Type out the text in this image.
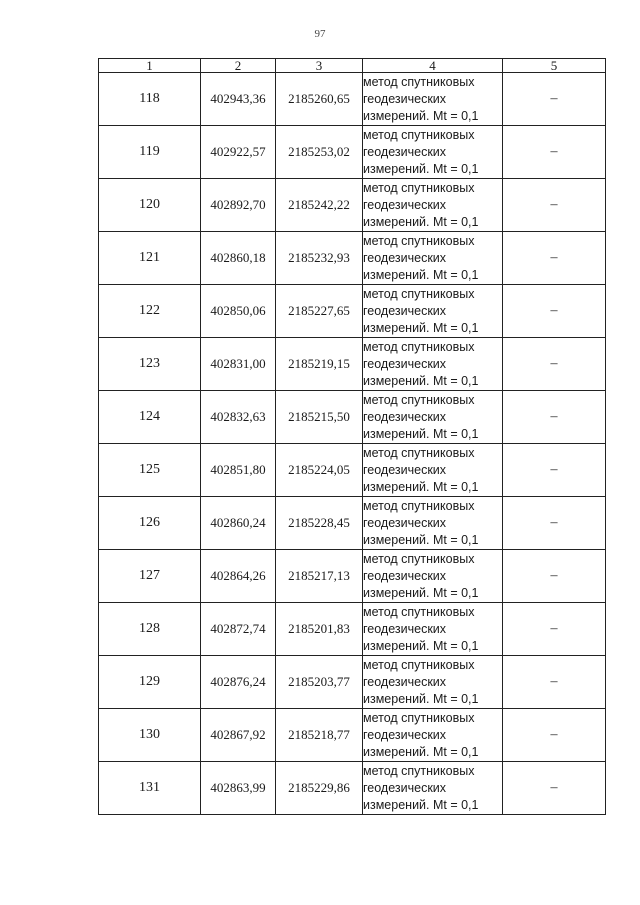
97
1	2	3	4	5
118	402943,36	2185260,65	метод спутниковых
геодезических
измерений. Mt = 0,1	–
119	402922,57	2185253,02	метод спутниковых
геодезических
измерений. Mt = 0,1	–
120	402892,70	2185242,22	метод спутниковых
геодезических
измерений. Mt = 0,1	–
121	402860,18	2185232,93	метод спутниковых
геодезических
измерений. Mt = 0,1	–
122	402850,06	2185227,65	метод спутниковых
геодезических
измерений. Mt = 0,1	–
123	402831,00	2185219,15	метод спутниковых
геодезических
измерений. Mt = 0,1	–
124	402832,63	2185215,50	метод спутниковых
геодезических
измерений. Mt = 0,1	–
125	402851,80	2185224,05	метод спутниковых
геодезических
измерений. Mt = 0,1	–
126	402860,24	2185228,45	метод спутниковых
геодезических
измерений. Mt = 0,1	–
127	402864,26	2185217,13	метод спутниковых
геодезических
измерений. Mt = 0,1	–
128	402872,74	2185201,83	метод спутниковых
геодезических
измерений. Mt = 0,1	–
129	402876,24	2185203,77	метод спутниковых
геодезических
измерений. Mt = 0,1	–
130	402867,92	2185218,77	метод спутниковых
геодезических
измерений. Mt = 0,1	–
131	402863,99	2185229,86	метод спутниковых
геодезических
измерений. Mt = 0,1	–
